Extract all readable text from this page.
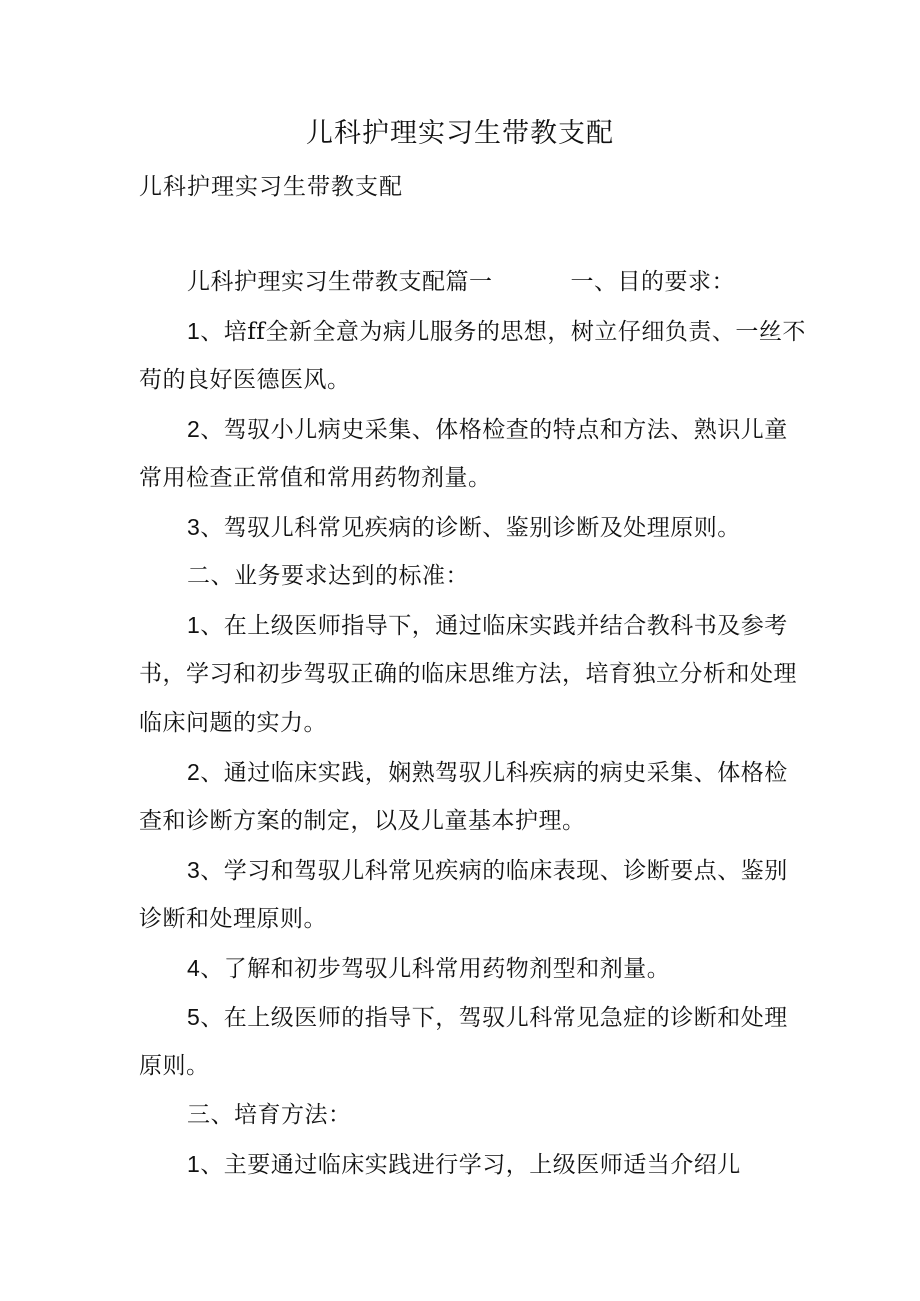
儿科护理实习生带教支配
儿科护理实习生带教支配
儿科护理实习生带教支配篇一	一、目的要求：
1、培ff全新全意为病儿服务的思想，树立仔细负责、一丝不
苟的良好医德医风。
2、驾驭小儿病史采集、体格检查的特点和方法、熟识儿童
常用检查正常值和常用药物剂量。
3、驾驭儿科常见疾病的诊断、鉴别诊断及处理原则。
二、业务要求达到的标准：
1、在上级医师指导下，通过临床实践并结合教科书及参考
书，学习和初步驾驭正确的临床思维方法，培育独立分析和处理
临床问题的实力。
2、通过临床实践，娴熟驾驭儿科疾病的病史采集、体格检
查和诊断方案的制定，以及儿童基本护理。
3、学习和驾驭儿科常见疾病的临床表现、诊断要点、鉴别
诊断和处理原则。
4、了解和初步驾驭儿科常用药物剂型和剂量。
5、在上级医师的指导下，驾驭儿科常见急症的诊断和处理
原则。
三、培育方法：
1、主要通过临床实践进行学习，上级医师适当介绍儿
